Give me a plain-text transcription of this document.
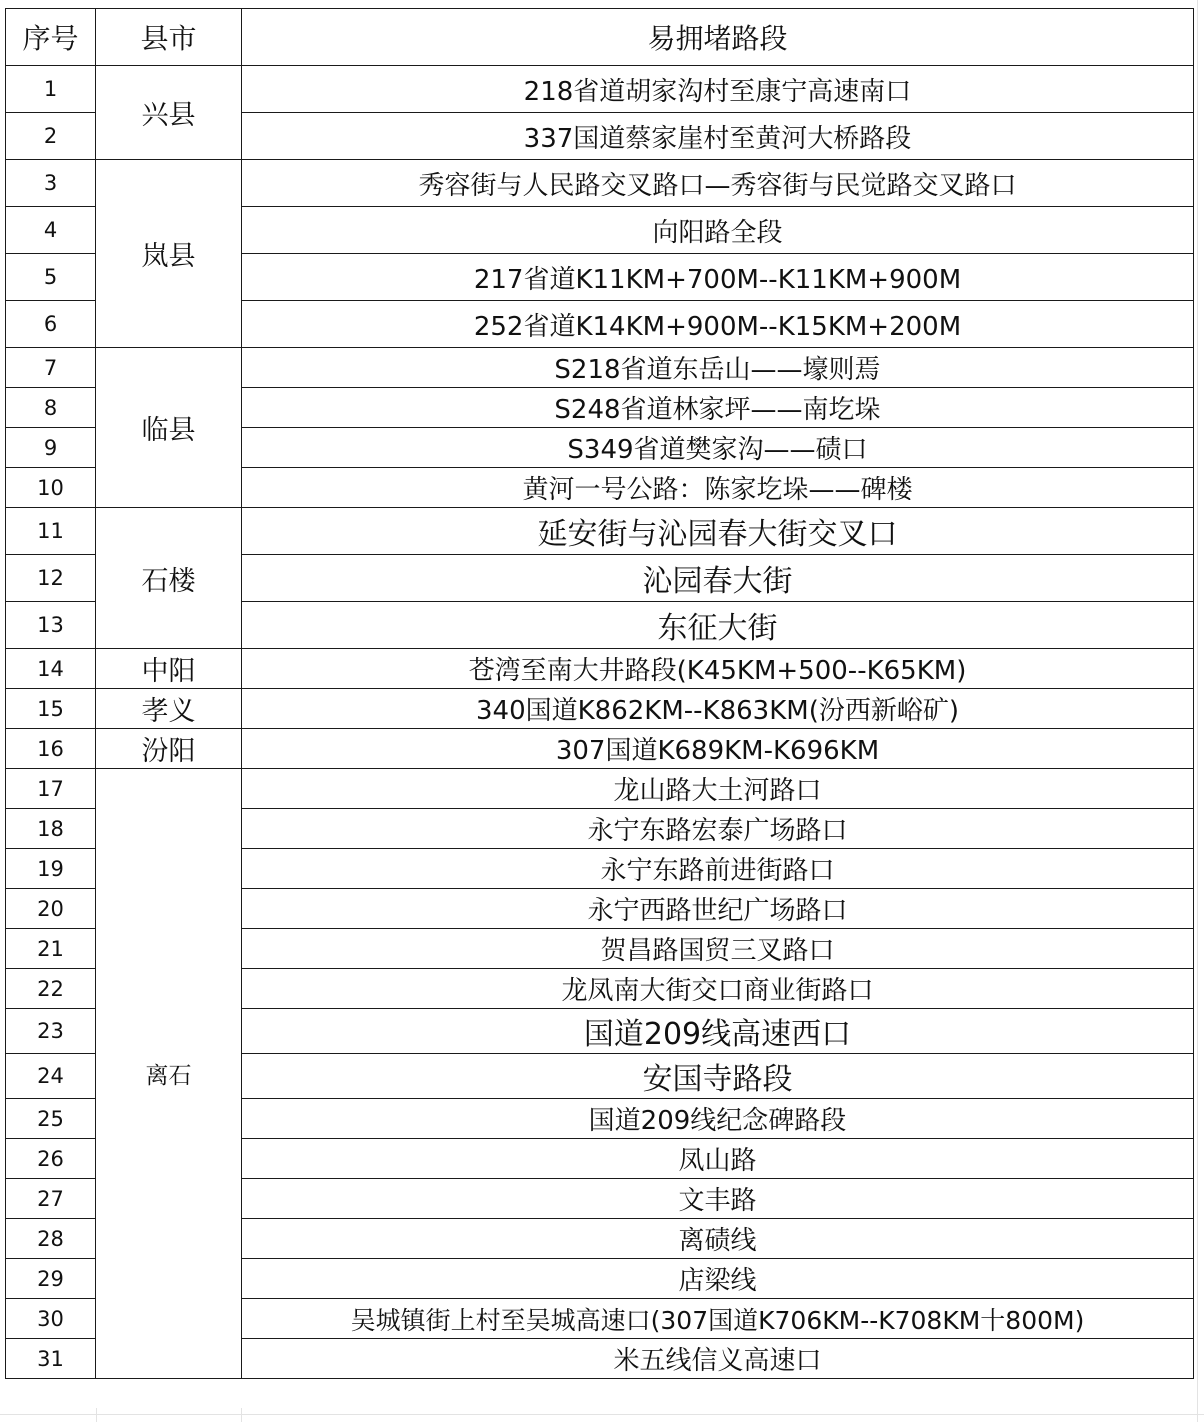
序号	县市	易拥堵路段
1	兴县	218省道胡家沟村至康宁高速南口
2		337国道蔡家崖村至黄河大桥路段
3	岚县	秀容街与人民路交叉路口—秀容街与民觉路交叉路口
4		向阳路全段
5		217省道K11KM+700M--K11KM+900M
6		252省道K14KM+900M--K15KM+200M
7	临县	S218省道东岳山——壕则焉
8		S248省道林家坪——南圪垛
9		S349省道樊家沟——碛口
10		黄河一号公路：陈家圪垛——碑楼
11	石楼	延安街与沁园春大街交叉口
12		沁园春大街
13		东征大街
14	中阳	苍湾至南大井路段(K45KM+500--K65KM)
15	孝义	340国道K862KM--K863KM(汾西新峪矿)
16	汾阳	307国道K689KM-K696KM
17	离石	龙山路大土河路口
18		永宁东路宏泰广场路口
19		永宁东路前进街路口
20		永宁西路世纪广场路口
21		贺昌路国贸三叉路口
22		龙凤南大街交口商业街路口
23		国道209线高速西口
24		安国寺路段
25		国道209线纪念碑路段
26		凤山路
27		文丰路
28		离碛线
29		店梁线
30		吴城镇街上村至吴城高速口(307国道K706KM--K708KM十800M)
31		米五线信义高速口
